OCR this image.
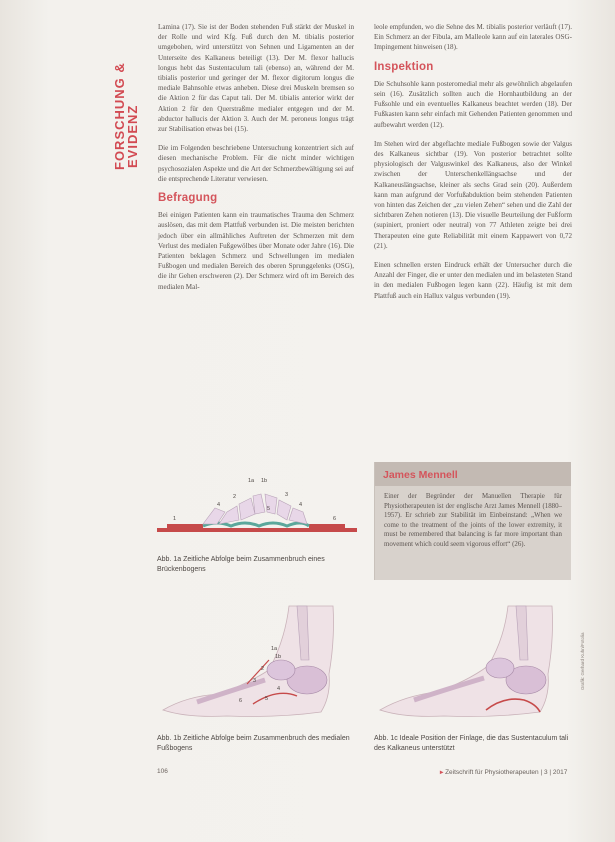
FORSCHUNG &
EVIDENZ

Lamina (17). Sie ist der Boden stehenden Fuß stärkt der Muskel in der Rolle und wird Kfg. Fuß durch den M. tibialis posterior umgebohen, wird unterstützt von Sehnen und Ligamenten an der Unterseite des Kalkaneus beteiligt (13). Der M. flexor hallucis longus hebt das Sustentaculum tali (ebenso) an, während der M. tibialis posterior und geringer der M. flexor digitorum longus die mediale Bahnsohle etwas anheben. Diese drei Muskeln bremsen so die Aktion 2 für das Caput tali. Der M. tibialis anterior wirkt der Aktion 2 für den Querstraßme medialer entgegen und der M. abductor hallucis der Aktion 3. Auch der M. peroneus longus trägt zur Stabilisation etwas bei (15).

Die im Folgenden beschriebene Untersuchung konzentriert sich auf diesen mechanische Problem. Für die nicht minder wichtigen psychosozialen Aspekte und die Art der Schmerzbewältigung sei auf die entsprechende Literatur verwiesen.

Befragung

Bei einigen Patienten kann ein traumatisches Trauma den Schmerz auslösen, das mit dem Plattfuß verbunden ist. Die meisten berichten jedoch über ein allmähliches Auftreten der Schmerzen mit dem Verlust des medialen Fußgewölbes über Monate oder Jahre (16). Die Patienten beklagen Schmerz und Schwellungen im medialen Fußbogen und medialen Bereich des oberen Sprunggelenks (OSG), die ihr Gehen erschweren (2). Der Schmerz wird oft im Bereich des medialen Mal-

leole empfunden, wo die Sehne des M. tibialis posterior verläuft (17). Ein Schmerz an der Fibula, am Malleole kann auf ein laterales OSG-Impingement hinweisen (18).

Inspektion

Die Schuhsohle kann posteromedial mehr als gewöhnlich abgelaufen sein (16). Zusätzlich sollten auch die Hornhautbildung an der Fußsohle und ein eventuelles Kalkaneus beachtet werden (18). Der Fußkasten kann sehr einfach mit Gehenden Patienten genommen und aufbewahrt werden (12).

Im Stehen wird der abgeflachte mediale Fußbogen sowie der Valgus des Kalkaneus sichtbar (19). Von posterior betrachtet sollte physiologisch der Valguswinkel des Kalkaneus, also der Winkel zwischen der Unterschenkellängsachse und der Kalkaneuslängsachse, kleiner als sechs Grad sein (20). Außerdem kann man aufgrund der Vorfußabduktion beim stehenden Patienten von hinten das Zeichen der „zu vielen Zehen“ sehen und die Zahl der sichtbaren Zehen notieren (13). Die visuelle Beurteilung der Fußform (supiniert, proniert oder neutral) von 77 Athleten zeigte bei drei Therapeuten eine gute Reliabilität mit einem Kappawert von 0,72 (21).

Einen schnellen ersten Eindruck erhält der Untersucher durch die Anzahl der Finger, die er unter den medialen und im belasteten Stand in den medialen Fußbogen legen kann (22). Häufig ist mit dem Plattfuß auch ein Hallux valgus verbunden (19).

James Mennell

Einer der Begründer der Manuellen Therapie für Physiotherapeuten ist der englische Arzt James Mennell (1880–1957). Er schrieb zur Stabilität im Einbeinstand: „When we come to the treatment of the joints of the lower extremity, it must be remembered that balancing is far more important than movement which could seem vigorous effort“ (26).

1a 1b
2	3
4	4
5
1	6
Abb. 1a Zeitliche Abfolge beim Zusammenbruch eines Brückenbogens
1a
1b
2
3
4
5
6
Abb. 1b Zeitliche Abfolge beim Zusammenbruch des medialen Fußbogens
Abb. 1c Ideale Position der Finlage, die das Sustentaculum tali des Kalkaneus unterstützt
Grafik: Gerhard Kuhn/Fotolia
106	▸ Zeitschrift für Physiotherapeuten | 3 | 2017
